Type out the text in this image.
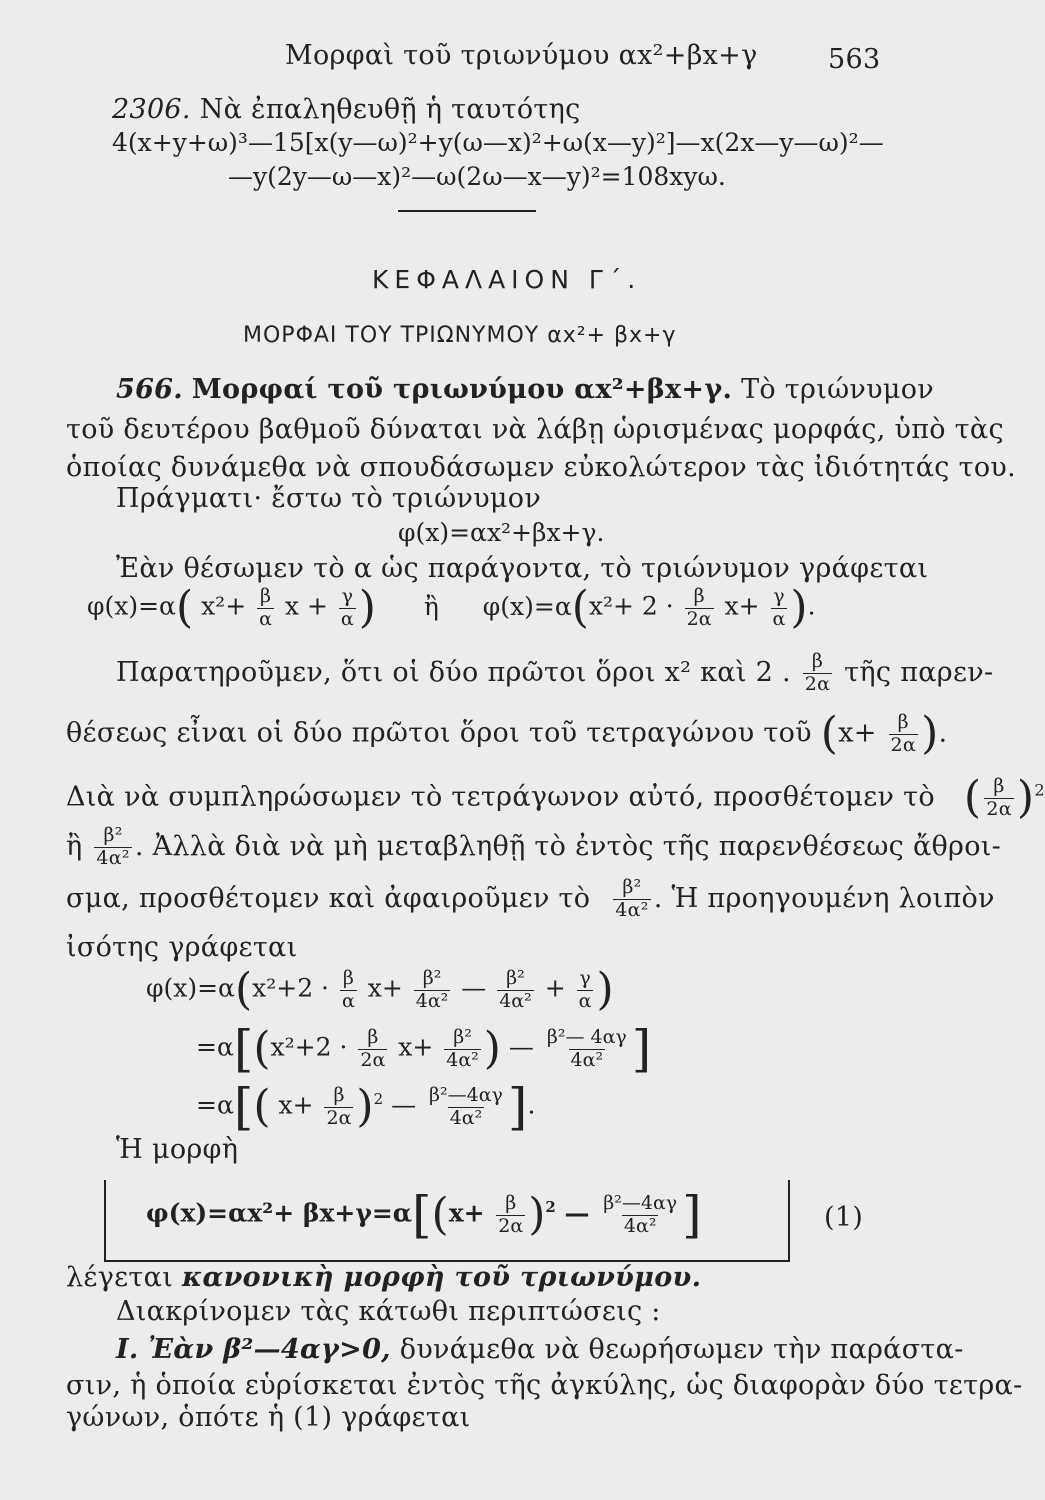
Μορφαὶ τοῦ τριωνύμου αx²+βx+γ	563
2306. Νὰ ἐπαληθευθῇ ἡ ταυτότης
4(x+y+ω)³—15[x(y—ω)²+y(ω—x)²+ω(x—y)²]—x(2x—y—ω)²—
—y(2y—ω—x)²—ω(2ω—x—y)²=108xyω.
ΚΕΦΑΛΑΙΟΝ Γ΄.
ΜΟΡΦΑΙ ΤΟΥ ΤΡΙΩΝΥΜΟΥ αx²+ βx+γ
566. Μορφαί τοῦ τριωνύμου αx²+βx+γ. Τὸ τριώνυμον
τοῦ δευτέρου βαθμοῦ δύναται νὰ λάβῃ ὡρισμένας μορφάς, ὑπὸ τὰς
ὁποίας δυνάμεθα νὰ σπουδάσωμεν εὐκολώτερον τὰς ἰδιότητάς του.
Πράγματι· ἔστω τὸ τριώνυμον
φ(x)=αx²+βx+γ.
Ἐὰν θέσωμεν τὸ α ὡς παράγοντα, τὸ τριώνυμον γράφεται
φ(x)=α( $x^2+ \frac{\beta}{\alpha}$ $x + \frac{\gamma}{\alpha}$ ) ἢ $\varphi(x)=\alpha(x^2+ 2 \cdot \frac{\beta}{2\alpha} x+ \frac{\gamma}{\alpha}$ ).
Παρατηροῦμεν, ὅτι οἱ δύο πρῶτοι ὅροι x² καὶ 2 . $\frac{\beta}{2\alpha}$ τῆς παρεν-
θέσεως εἶναι οἱ δύο πρῶτοι ὅροι τοῦ τετραγώνου τοῦ ($x+ \frac{\beta}{2\alpha}$ ).
Διὰ νὰ συμπληρώσωμεν τὸ τετράγωνον αὐτό, προσθέτομεν τὸ ( $\frac{\beta}{2\alpha} )^2$
ἢ $\frac{\text{β²}}{\text{4α²}}$ . Ἀλλὰ διὰ νὰ μὴ μεταβληθῇ τὸ ἐντὸς τῆς παρενθέσεως ἄθροι-
σμα, προσθέτομεν καὶ ἀφαιροῦμεν τὸ $\frac{\text{β²}}{\text{4α²}}$ . Ἡ προηγουμένη λοιπὸν
ἰσότης γράφεται
$\varphi(x)=\alpha(x^2+2 \cdot \frac{\beta}{\alpha} x+ \frac{\text{β²}}{\text{4α²}}$ — $\frac{\text{β²}}{\text{4α²}} + \frac{\gamma}{\alpha}$ )
$=\alpha[(x^2+2 \cdot \frac{\beta}{2\alpha} x+ \frac{\text{β²}}{\text{4α²}}$ ) — $\frac{\text{β²— 4αγ}}{\text{4α²}}$ ]
=α[( $x+ \frac{\beta}{2\alpha} )^2$ — $\frac{\text{β²—4αγ}}{\text{4α²}}$ ].
Ἡ μορφὴ
$\varphi(x)=\alpha x^2+ \beta x+\gamma=\alpha[(x+ \frac{\beta}{2\alpha} )^2$ — $\frac{\text{β²—4αγ}}{\text{4α²}}$ ]	(1)
λέγεται κανονικὴ μορφὴ τοῦ τριωνύμου.
Διακρίνομεν τὰς κάτωθι περιπτώσεις :
I. Ἐὰν β²—4αγ>0, δυνάμεθα νὰ θεωρήσωμεν τὴν παράστα-
σιν, ἡ ὁποία εὑρίσκεται ἐντὸς τῆς ἀγκύλης, ὡς διαφορὰν δύο τετρα-
γώνων, ὁπότε ἡ (1) γράφεται
